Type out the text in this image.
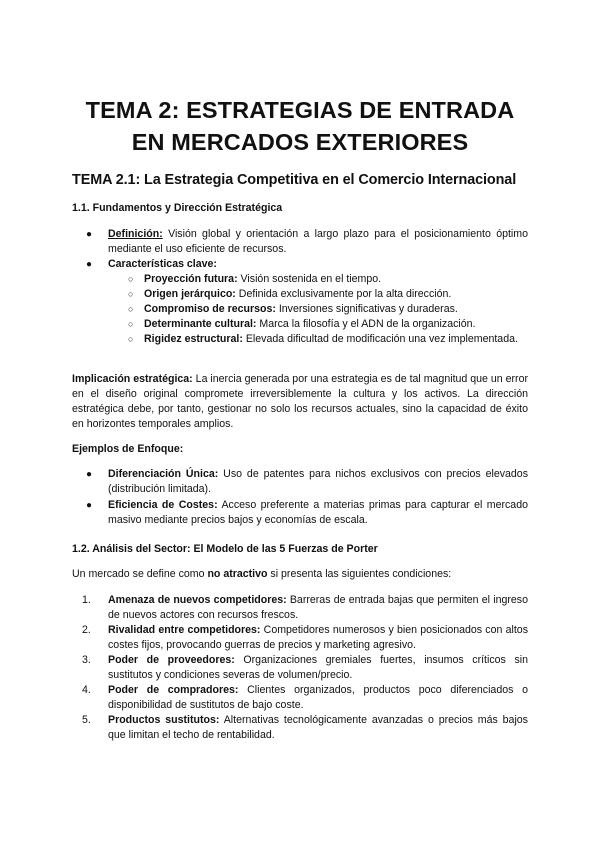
TEMA 2: ESTRATEGIAS DE ENTRADA
EN MERCADOS EXTERIORES
TEMA 2.1: La Estrategia Competitiva en el Comercio Internacional
1.1. Fundamentos y Dirección Estratégica
● Definición: Visión global y orientación a largo plazo para el posicionamiento óptimo mediante el uso eficiente de recursos.
● Características clave:
○ Proyección futura: Visión sostenida en el tiempo.
○ Origen jerárquico: Definida exclusivamente por la alta dirección.
○ Compromiso de recursos: Inversiones significativas y duraderas.
○ Determinante cultural: Marca la filosofía y el ADN de la organización.
○ Rigidez estructural: Elevada dificultad de modificación una vez implementada.
Implicación estratégica: La inercia generada por una estrategia es de tal magnitud que un error en el diseño original compromete irreversiblemente la cultura y los activos. La dirección estratégica debe, por tanto, gestionar no solo los recursos actuales, sino la capacidad de éxito en horizontes temporales amplios.
Ejemplos de Enfoque:
● Diferenciación Única: Uso de patentes para nichos exclusivos con precios elevados (distribución limitada).
● Eficiencia de Costes: Acceso preferente a materias primas para capturar el mercado masivo mediante precios bajos y economías de escala.
1.2. Análisis del Sector: El Modelo de las 5 Fuerzas de Porter
Un mercado se define como no atractivo si presenta las siguientes condiciones:
1.	Amenaza de nuevos competidores: Barreras de entrada bajas que permiten el ingreso de nuevos actores con recursos frescos.
2.	Rivalidad entre competidores: Competidores numerosos y bien posicionados con altos costes fijos, provocando guerras de precios y marketing agresivo.
3.	Poder de proveedores: Organizaciones gremiales fuertes, insumos críticos sin sustitutos y condiciones severas de volumen/precio.
4.	Poder de compradores: Clientes organizados, productos poco diferenciados o disponibilidad de sustitutos de bajo coste.
5.	Productos sustitutos: Alternativas tecnológicamente avanzadas o precios más bajos que limitan el techo de rentabilidad.
